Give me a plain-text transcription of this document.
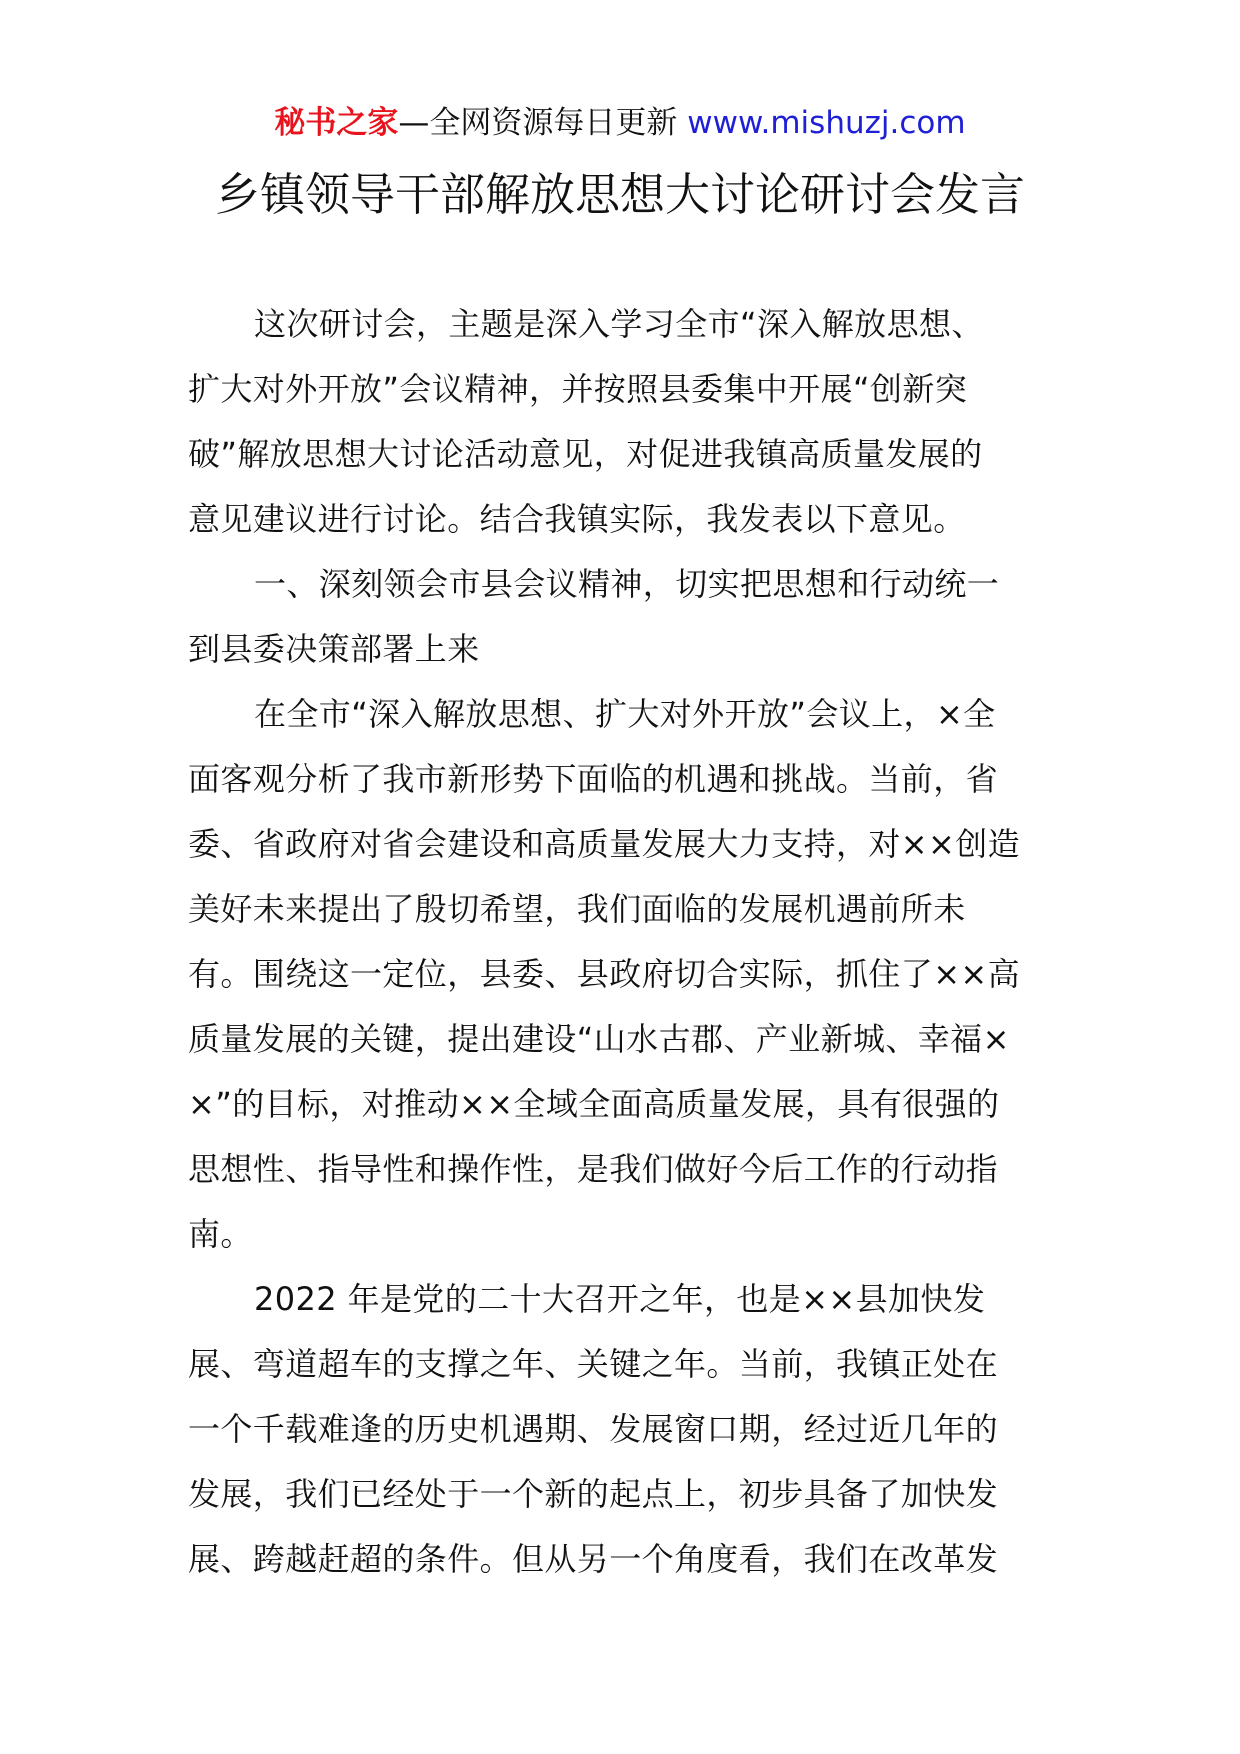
秘书之家—全网资源每日更新 www.mishuzj.com
乡镇领导干部解放思想大讨论研讨会发言
这次研讨会，主题是深入学习全市“深入解放思想、
扩大对外开放”会议精神，并按照县委集中开展“创新突
破”解放思想大讨论活动意见，对促进我镇高质量发展的
意见建议进行讨论。结合我镇实际，我发表以下意见。
一、深刻领会市县会议精神，切实把思想和行动统一
到县委决策部署上来
在全市“深入解放思想、扩大对外开放”会议上，×全
面客观分析了我市新形势下面临的机遇和挑战。当前，省
委、省政府对省会建设和高质量发展大力支持，对××创造
美好未来提出了殷切希望，我们面临的发展机遇前所未
有。围绕这一定位，县委、县政府切合实际，抓住了××高
质量发展的关键，提出建设“山水古郡、产业新城、幸福×
×”的目标，对推动××全域全面高质量发展，具有很强的
思想性、指导性和操作性，是我们做好今后工作的行动指
南。
2022 年是党的二十大召开之年，也是××县加快发
展、弯道超车的支撑之年、关键之年。当前，我镇正处在
一个千载难逢的历史机遇期、发展窗口期，经过近几年的
发展，我们已经处于一个新的起点上，初步具备了加快发
展、跨越赶超的条件。但从另一个角度看，我们在改革发
